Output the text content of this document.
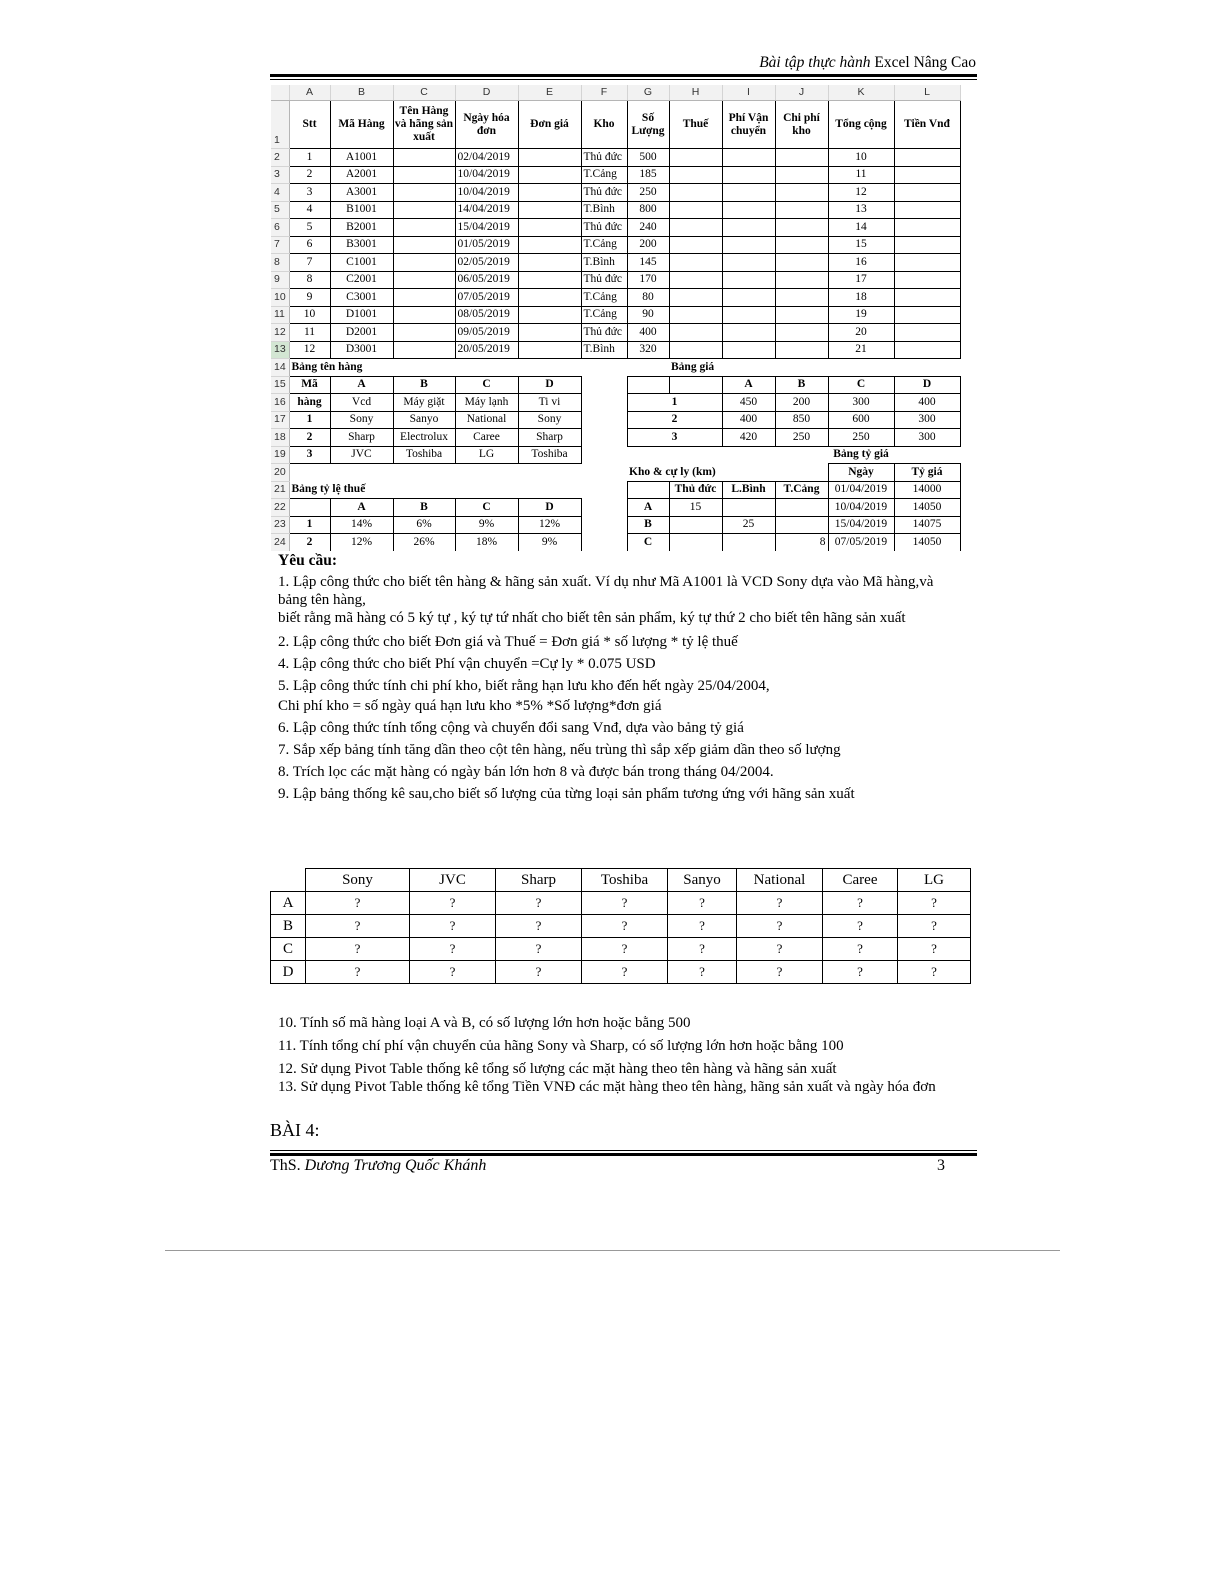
Bài tập thực hành Excel Nâng Cao
	A	B	C	D	E	F	G	H	I	J	K	L	
1	Stt	Mã Hàng	Tên Hàng và hãng sản xuất	Ngày hóa đơn	Đơn giá	Kho	Số Lượng	Thuế	Phí Vận chuyển	Chi phí kho	Tổng cộng	Tiền Vnđ	
2	1	A1001		02/04/2019		Thủ đức	500				10		
3	2	A2001		10/04/2019		T.Cảng	185				11		
4	3	A3001		10/04/2019		Thủ đức	250				12		
5	4	B1001		14/04/2019		T.Bình	800				13		
6	5	B2001		15/04/2019		Thủ đức	240				14		
7	6	B3001		01/05/2019		T.Cảng	200				15		
8	7	C1001		02/05/2019		T.Bình	145				16		
9	8	C2001		06/05/2019		Thủ đức	170				17		
10	9	C3001		07/05/2019		T.Cảng	80				18		
11	10	D1001		08/05/2019		T.Cảng	90				19		
12	11	D2001		09/05/2019		Thủ đức	400				20		
13	12	D3001		20/05/2019		T.Bình	320				21		
14	Bảng tên hàng							Bảng giá					
15	Mã	A	B	C	D				A	B	C	D	
16	hàng	Vcd	Máy giặt	Máy lạnh	Ti vi		1		450	200	300	400	
17	1	Sony	Sanyo	National	Sony		2		400	850	600	300	
18	2	Sharp	Electrolux	Caree	Sharp		3		420	250	250	300	
19	3	JVC	Toshiba	LG	Toshiba						Bảng tỷ giá		
20							Kho & cự ly (km)				Ngày	Tỷ giá	
21	Bảng tỷ lệ thuế							Thủ đức	L.Bình	T.Cảng	01/04/2019	14000	
22		A	B	C	D		A	15			10/04/2019	14050	
23	1	14%	6%	9%	12%		B		25		15/04/2019	14075	
24	2	12%	26%	18%	9%		C			8	07/05/2019	14050	

Yêu cầu:

1. Lập công thức cho biết tên hàng & hãng sản xuất. Ví dụ như Mã A1001 là VCD Sony dựa vào Mã hàng,và bảng tên hàng,

biết rằng mã hàng có 5 ký tự , ký tự tứ nhất cho biết tên sản phẩm, ký tự thứ 2 cho biết tên hãng sản xuất

2. Lập công thức cho biết Đơn giá và Thuế = Đơn giá * số lượng * tỷ lệ thuế

4. Lập công thức cho biết Phí vận chuyển =Cự ly * 0.075 USD

5. Lập công thức tính chi phí kho, biết rằng hạn lưu kho đến hết ngày 25/04/2004,

Chi phí kho = số ngày quá hạn lưu kho *5% *Số lượng*đơn giá

6. Lập công thức tính tổng cộng và chuyển đổi sang Vnđ, dựa vào bảng tỷ giá

7. Sắp xếp bảng tính tăng dần theo cột tên hàng, nếu trùng thì sắp xếp giảm dần theo số lượng

8. Trích lọc các mặt hàng có ngày bán lớn hơn 8 và được bán trong tháng 04/2004.

9. Lập bảng thống kê sau,cho biết số lượng của từng loại sản phẩm tương ứng với hãng sản xuất

	Sony	JVC	Sharp	Toshiba	Sanyo	National	Caree	LG
A	?	?	?	?	?	?	?	?
B	?	?	?	?	?	?	?	?
C	?	?	?	?	?	?	?	?
D	?	?	?	?	?	?	?	?

10. Tính số mã hàng loại A và B, có số lượng lớn hơn hoặc bằng 500

11. Tính tổng chí phí vận chuyển của hãng Sony và Sharp, có số lượng lớn hơn hoặc bằng 100

12. Sử dụng Pivot Table thống kê tổng số lượng các mặt hàng theo tên hàng và hãng sản xuất

13. Sử dụng Pivot Table thống kê tổng Tiền VNĐ các mặt hàng theo tên hàng, hãng sản xuất và ngày hóa đơn

BÀI 4:
ThS. Dương Trương Quốc Khánh	3
